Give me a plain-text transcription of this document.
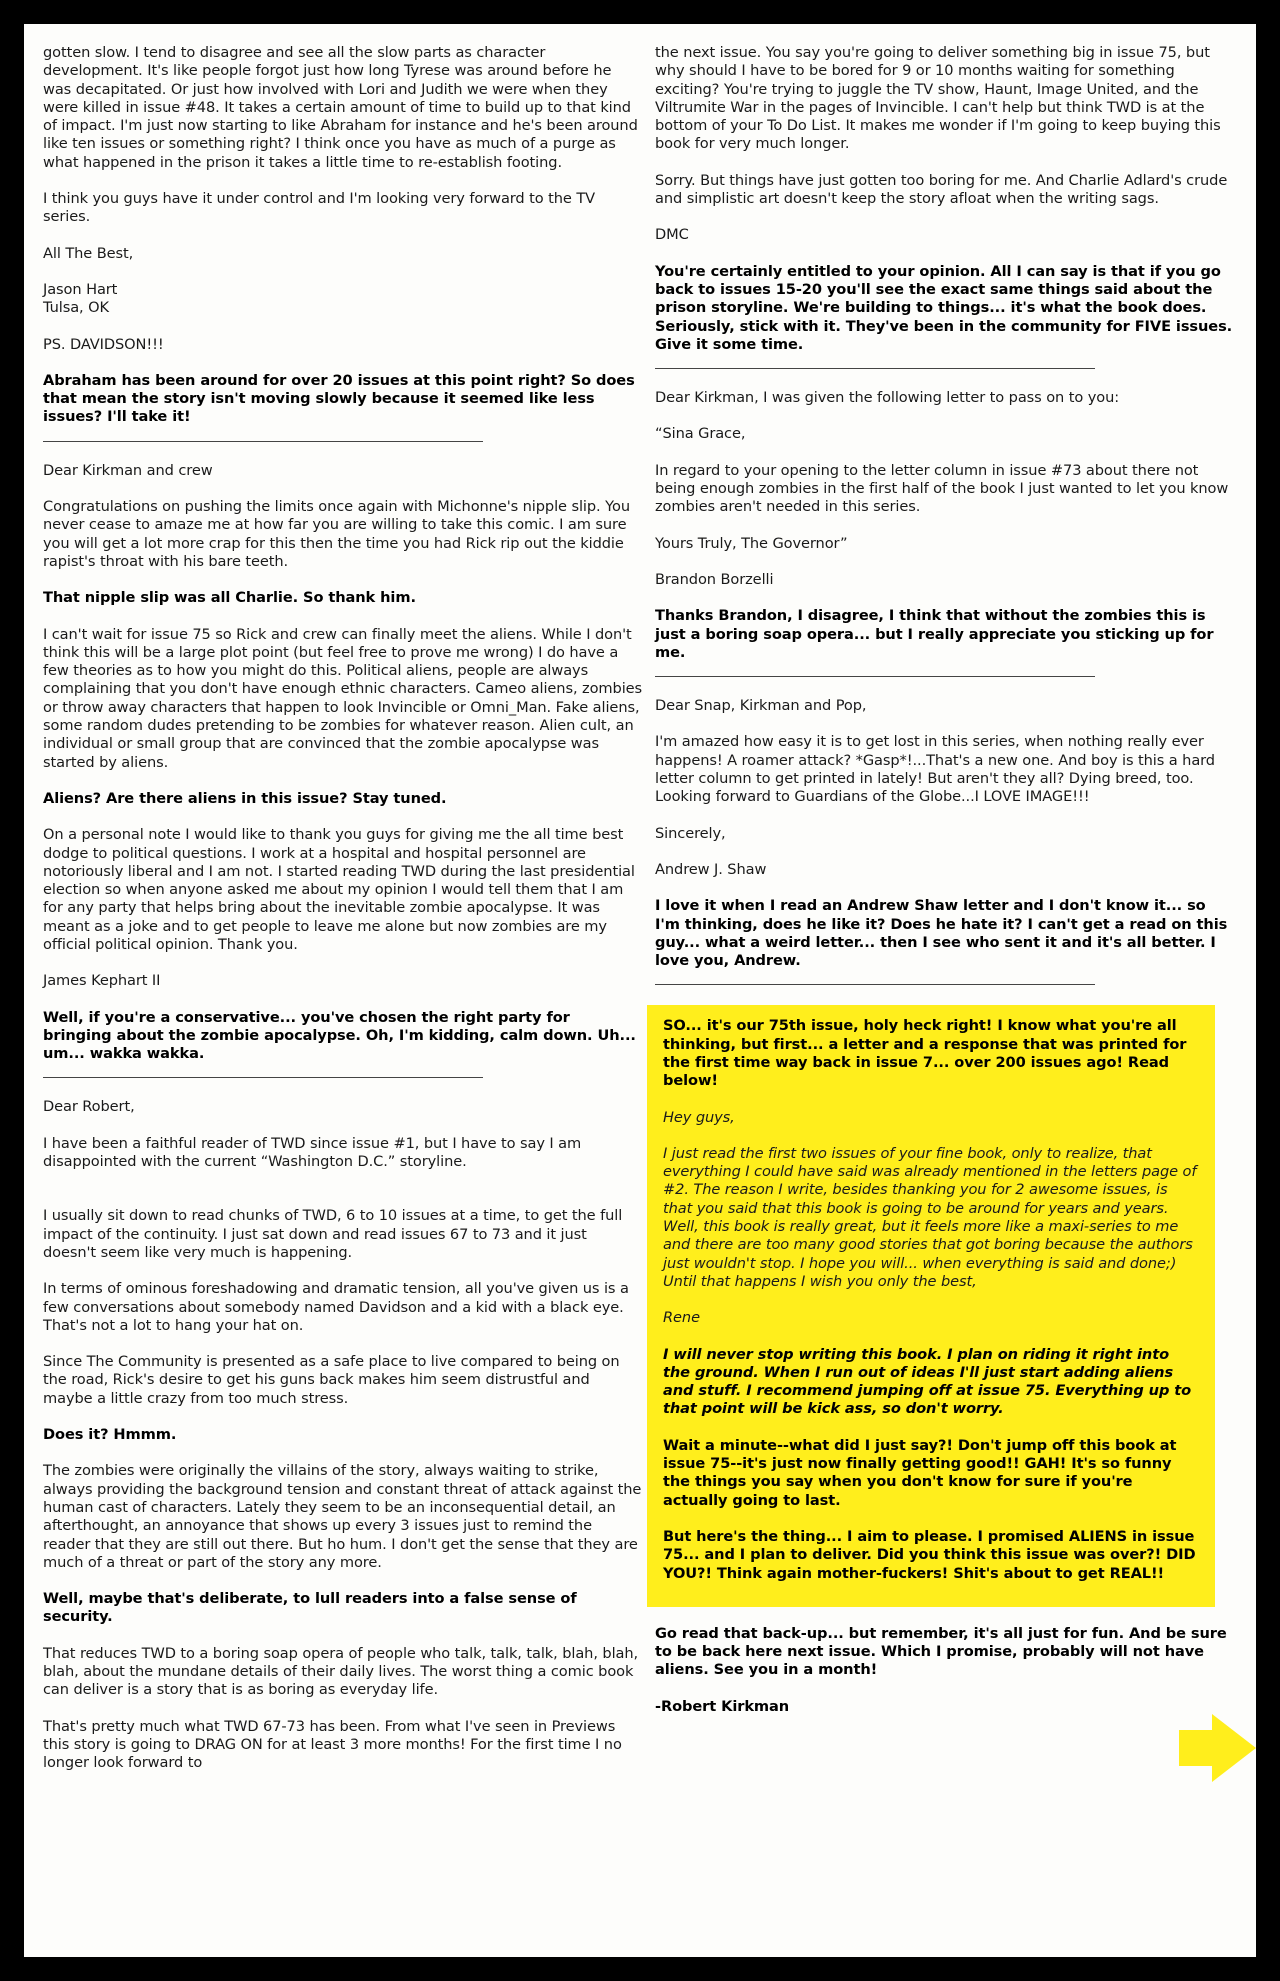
gotten slow. I tend to disagree and see all the slow parts as character development. It's like people forgot just how long Tyrese was around before he was decapitated. Or just how involved with Lori and Judith we were when they were killed in issue #48. It takes a certain amount of time to build up to that kind of impact. I'm just now starting to like Abraham for instance and he's been around like ten issues or something right? I think once you have as much of a purge as what happened in the prison it takes a little time to re-establish footing.

I think you guys have it under control and I'm looking very forward to the TV series.

All The Best,

Jason Hart
Tulsa, OK

PS. DAVIDSON!!!

Abraham has been around for over 20 issues at this point right? So does that mean the story isn't moving slowly because it seemed like less issues? I'll take it!

Dear Kirkman and crew

Congratulations on pushing the limits once again with Michonne's nipple slip. You never cease to amaze me at how far you are willing to take this comic. I am sure you will get a lot more crap for this then the time you had Rick rip out the kiddie rapist's throat with his bare teeth.

That nipple slip was all Charlie. So thank him.

I can't wait for issue 75 so Rick and crew can finally meet the aliens. While I don't think this will be a large plot point (but feel free to prove me wrong) I do have a few theories as to how you might do this. Political aliens, people are always complaining that you don't have enough ethnic characters. Cameo aliens, zombies or throw away characters that happen to look Invincible or Omni_Man. Fake aliens, some random dudes pretending to be zombies for whatever reason. Alien cult, an individual or small group that are convinced that the zombie apocalypse was started by aliens.

Aliens? Are there aliens in this issue? Stay tuned.

On a personal note I would like to thank you guys for giving me the all time best dodge to political questions. I work at a hospital and hospital personnel are notoriously liberal and I am not. I started reading TWD during the last presidential election so when anyone asked me about my opinion I would tell them that I am for any party that helps bring about the inevitable zombie apocalypse. It was meant as a joke and to get people to leave me alone but now zombies are my official political opinion. Thank you.

James Kephart II

Well, if you're a conservative... you've chosen the right party for bringing about the zombie apocalypse. Oh, I'm kidding, calm down. Uh... um... wakka wakka.

Dear Robert,

I have been a faithful reader of TWD since issue #1, but I have to say I am disappointed with the current “Washington D.C.” storyline.

I usually sit down to read chunks of TWD, 6 to 10 issues at a time, to get the full impact of the continuity. I just sat down and read issues 67 to 73 and it just doesn't seem like very much is happening.

In terms of ominous foreshadowing and dramatic tension, all you've given us is a few conversations about somebody named Davidson and a kid with a black eye. That's not a lot to hang your hat on.

Since The Community is presented as a safe place to live compared to being on the road, Rick's desire to get his guns back makes him seem distrustful and maybe a little crazy from too much stress.

Does it? Hmmm.

The zombies were originally the villains of the story, always waiting to strike, always providing the background tension and constant threat of attack against the human cast of characters. Lately they seem to be an inconsequential detail, an afterthought, an annoyance that shows up every 3 issues just to remind the reader that they are still out there. But ho hum. I don't get the sense that they are much of a threat or part of the story any more.

Well, maybe that's deliberate, to lull readers into a false sense of security.

That reduces TWD to a boring soap opera of people who talk, talk, talk, blah, blah, blah, about the mundane details of their daily lives. The worst thing a comic book can deliver is a story that is as boring as everyday life.

That's pretty much what TWD 67-73 has been. From what I've seen in Previews this story is going to DRAG ON for at least 3 more months! For the first time I no longer look forward to

the next issue. You say you're going to deliver something big in issue 75, but why should I have to be bored for 9 or 10 months waiting for something exciting? You're trying to juggle the TV show, Haunt, Image United, and the Viltrumite War in the pages of Invincible. I can't help but think TWD is at the bottom of your To Do List. It makes me wonder if I'm going to keep buying this book for very much longer.

Sorry. But things have just gotten too boring for me. And Charlie Adlard's crude and simplistic art doesn't keep the story afloat when the writing sags.

DMC

You're certainly entitled to your opinion. All I can say is that if you go back to issues 15-20 you'll see the exact same things said about the prison storyline. We're building to things... it's what the book does. Seriously, stick with it. They've been in the community for FIVE issues. Give it some time.

Dear Kirkman, I was given the following letter to pass on to you:

“Sina Grace,

In regard to your opening to the letter column in issue #73 about there not being enough zombies in the first half of the book I just wanted to let you know zombies aren't needed in this series.

Yours Truly, The Governor”

Brandon Borzelli

Thanks Brandon, I disagree, I think that without the zombies this is just a boring soap opera... but I really appreciate you sticking up for me.

Dear Snap, Kirkman and Pop,

I'm amazed how easy it is to get lost in this series, when nothing really ever happens! A roamer attack? *Gasp*!...That's a new one. And boy is this a hard letter column to get printed in lately! But aren't they all? Dying breed, too. Looking forward to Guardians of the Globe...I LOVE IMAGE!!!

Sincerely,

Andrew J. Shaw

I love it when I read an Andrew Shaw letter and I don't know it... so I'm thinking, does he like it? Does he hate it? I can't get a read on this guy... what a weird letter... then I see who sent it and it's all better. I love you, Andrew.

SO... it's our 75th issue, holy heck right! I know what you're all thinking, but first... a letter and a response that was printed for the first time way back in issue 7... over 200 issues ago! Read below!

Hey guys,

I just read the first two issues of your fine book, only to realize, that everything I could have said was already mentioned in the letters page of #2. The reason I write, besides thanking you for 2 awesome issues, is that you said that this book is going to be around for years and years. Well, this book is really great, but it feels more like a maxi-series to me and there are too many good stories that got boring because the authors just wouldn't stop. I hope you will... when everything is said and done;) Until that happens I wish you only the best,

Rene

I will never stop writing this book. I plan on riding it right into the ground. When I run out of ideas I'll just start adding aliens and stuff. I recommend jumping off at issue 75. Everything up to that point will be kick ass, so don't worry.

Wait a minute--what did I just say?! Don't jump off this book at issue 75--it's just now finally getting good!! GAH! It's so funny the things you say when you don't know for sure if you're actually going to last.

But here's the thing... I aim to please. I promised ALIENS in issue 75... and I plan to deliver. Did you think this issue was over?! DID YOU?! Think again mother-fuckers! Shit's about to get REAL!!

Go read that back-up... but remember, it's all just for fun. And be sure to be back here next issue. Which I promise, probably will not have aliens. See you in a month!

-Robert Kirkman
